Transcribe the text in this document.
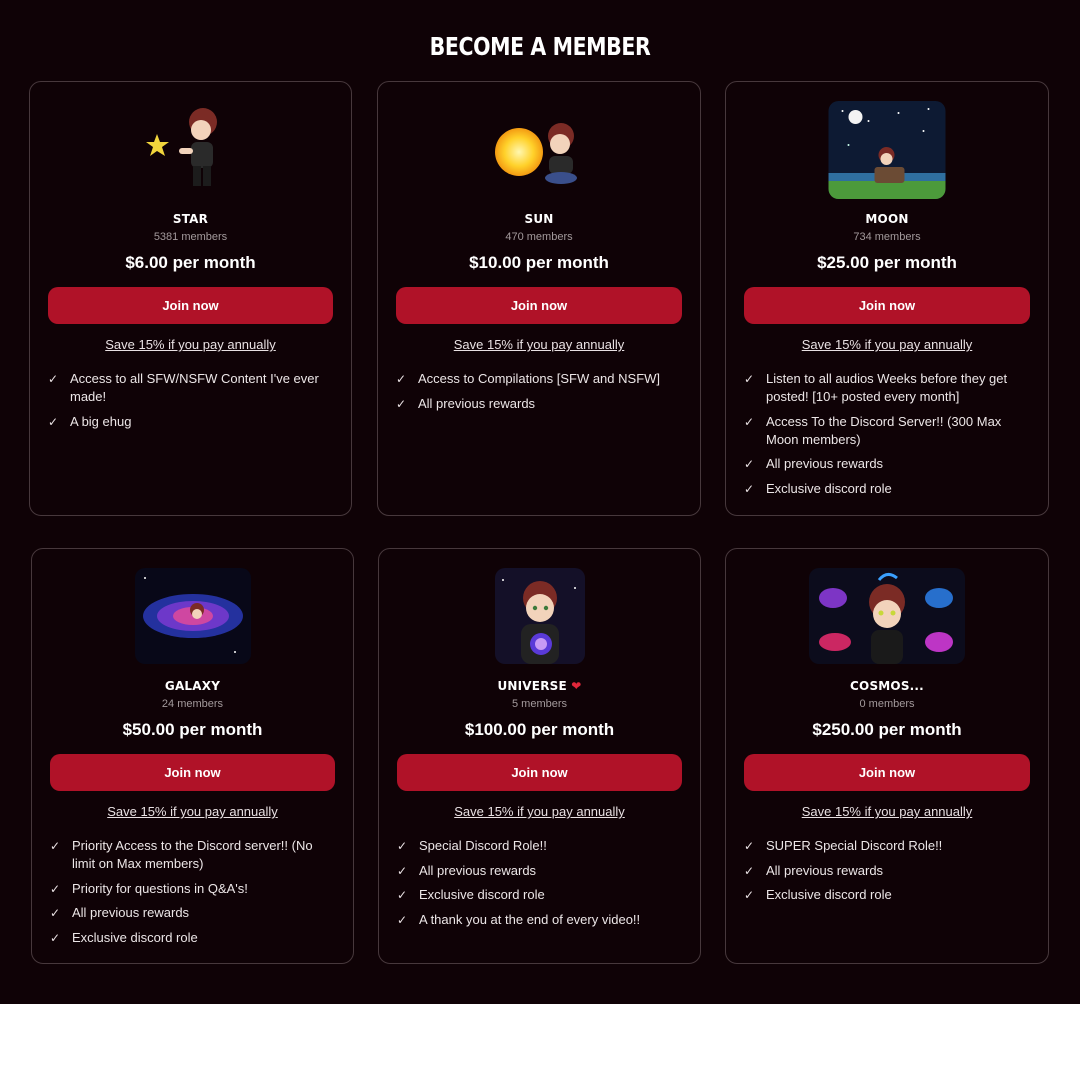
BECOME A MEMBER
STAR
5381 members
$6.00 per month
Join now
Save 15% if you pay annually
✓ Access to all SFW/NSFW Content I've ever made!
✓ A big ehug
SUN
470 members
$10.00 per month
Join now
Save 15% if you pay annually
✓ Access to Compilations [SFW and NSFW]
✓ All previous rewards
MOON
734 members
$25.00 per month
Join now
Save 15% if you pay annually
✓ Listen to all audios Weeks before they get posted! [10+ posted every month]
✓ Access To the Discord Server!! (300 Max Moon members)
✓ All previous rewards
✓ Exclusive discord role
GALAXY
24 members
$50.00 per month
Join now
Save 15% if you pay annually
✓ Priority Access to the Discord server!! (No limit on Max members)
✓ Priority for questions in Q&A's!
✓ All previous rewards
✓ Exclusive discord role
UNIVERSE ❤
5 members
$100.00 per month
Join now
Save 15% if you pay annually
✓ Special Discord Role!!
✓ All previous rewards
✓ Exclusive discord role
✓ A thank you at the end of every video!!
COSMOS...
0 members
$250.00 per month
Join now
Save 15% if you pay annually
✓ SUPER Special Discord Role!!
✓ All previous rewards
✓ Exclusive discord role
